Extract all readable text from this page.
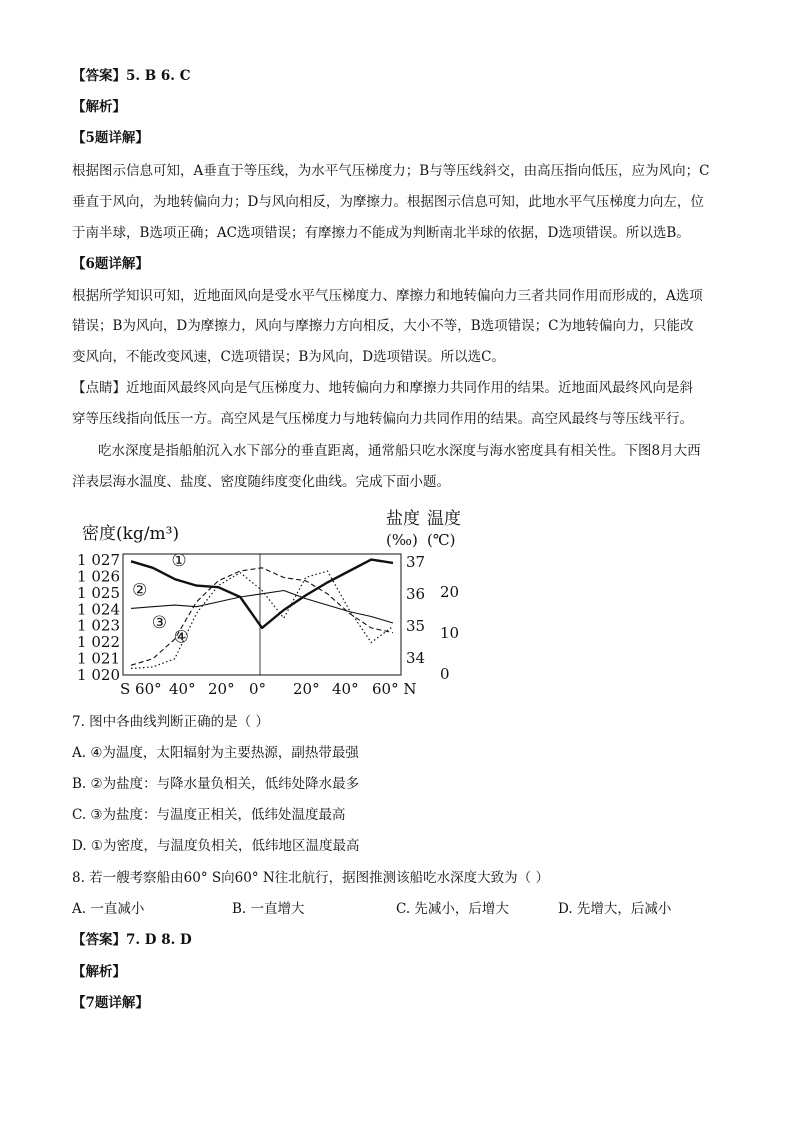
【答案】5. B 6. C
【解析】
【5题详解】
根据图示信息可知，A垂直于等压线，为水平气压梯度力；B与等压线斜交，由高压指向低压，应为风向；C
垂直于风向，为地转偏向力；D与风向相反，为摩擦力。根据图示信息可知，此地水平气压梯度力向左，位
于南半球，B选项正确；AC选项错误；有摩擦力不能成为判断南北半球的依据，D选项错误。所以选B。
【6题详解】
根据所学知识可知，近地面风向是受水平气压梯度力、摩擦力和地转偏向力三者共同作用而形成的，A选项
错误；B为风向，D为摩擦力，风向与摩擦力方向相反，大小不等，B选项错误；C为地转偏向力，只能改
变风向，不能改变风速，C选项错误；B为风向，D选项错误。所以选C。
【点睛】近地面风最终风向是气压梯度力、地转偏向力和摩擦力共同作用的结果。近地面风最终风向是斜
穿等压线指向低压一方。高空风是气压梯度力与地转偏向力共同作用的结果。高空风最终与等压线平行。
吃水深度是指船舶沉入水下部分的垂直距离，通常船只吃水深度与海水密度具有相关性。下图8月大西
洋表层海水温度、盐度、密度随纬度变化曲线。完成下面小题。
密度(kg/m³)
盐度
(‰)
温度
(℃)
1 027
1 026
1 025
1 024
1 023
1 022
1 021
1 020
37
36
35
34
20
10
0
S 60° 40° 20° 0° 20° 40° 60° N
①
②
③
④
7. 图中各曲线判断正确的是（ ）
A. ④为温度，太阳辐射为主要热源，副热带最强
B. ②为盐度：与降水量负相关，低纬处降水最多
C. ③为盐度：与温度正相关，低纬处温度最高
D. ①为密度，与温度负相关，低纬地区温度最高
8. 若一艘考察船由60° S向60° N往北航行，据图推测该船吃水深度大致为（ ）
A. 一直减小	B. 一直增大	C. 先减小，后增大	D. 先增大，后减小
【答案】7. D 8. D
【解析】
【7题详解】
